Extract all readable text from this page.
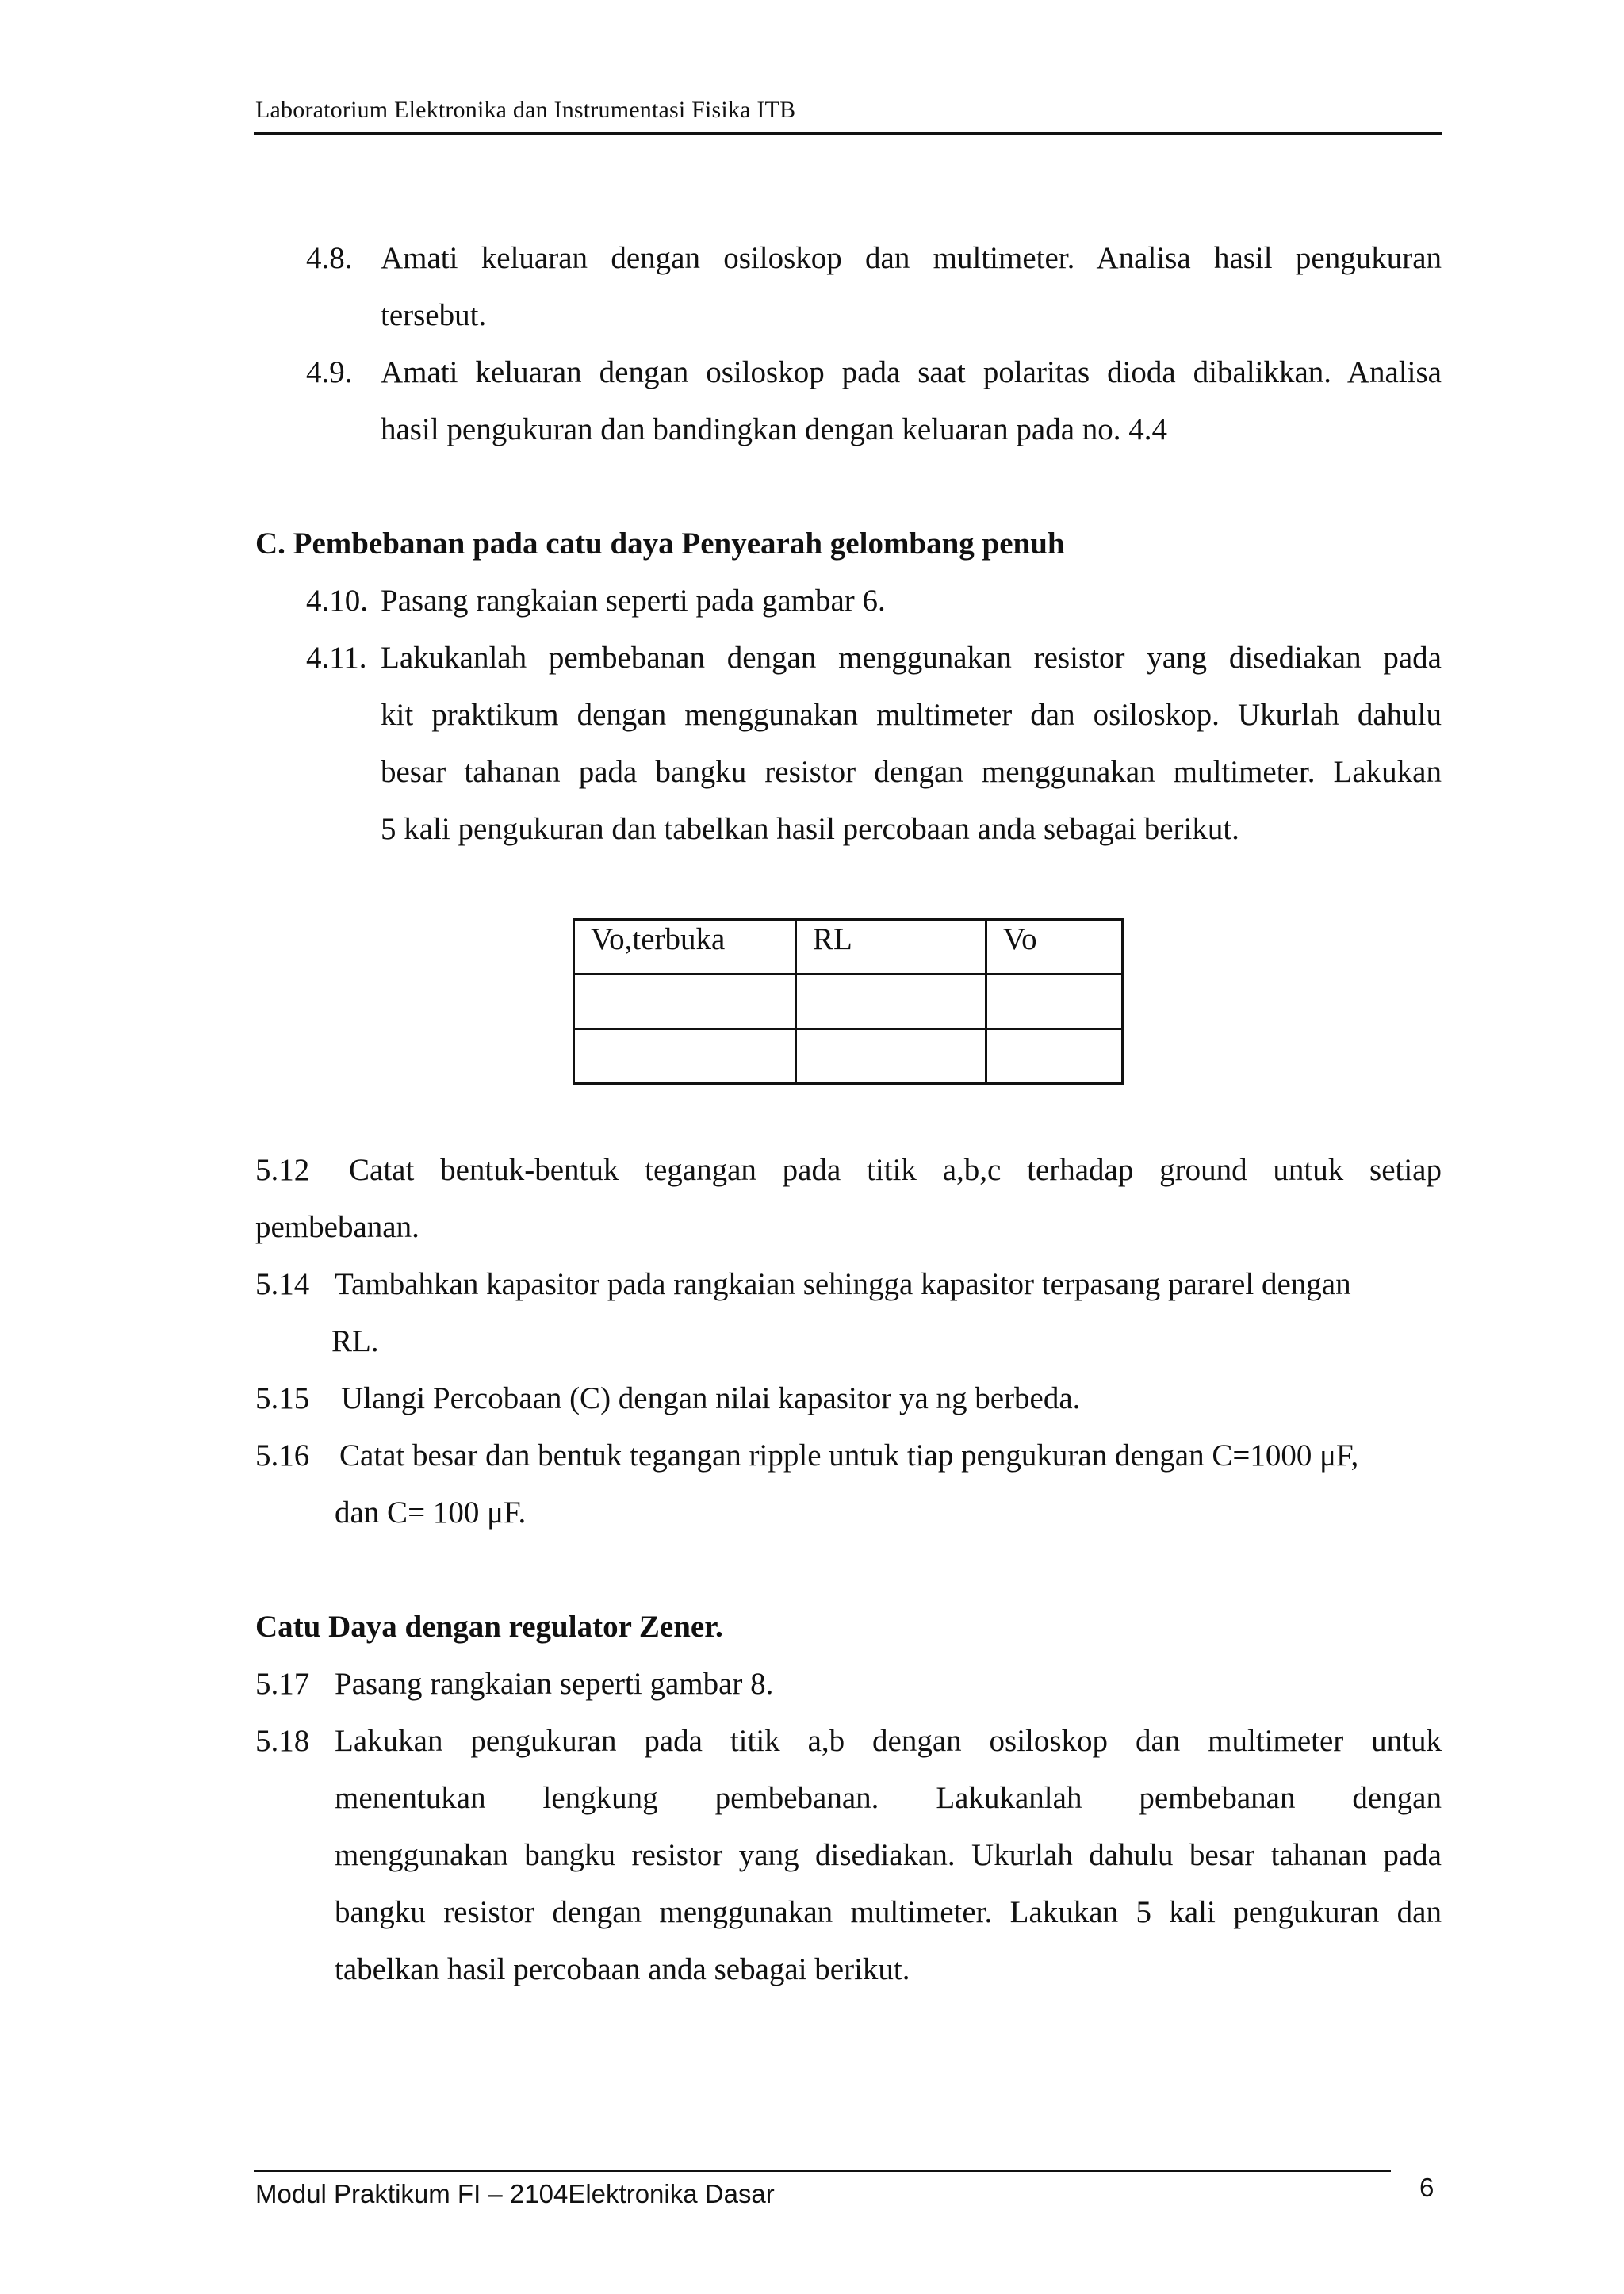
Laboratorium Elektronika dan Instrumentasi Fisika ITB
4.8. Amati keluaran dengan osiloskop dan multimeter. Analisa hasil pengukuran
tersebut.
4.9. Amati keluaran dengan osiloskop pada saat polaritas dioda dibalikkan. Analisa
hasil pengukuran dan bandingkan dengan keluaran pada no. 4.4
C. Pembebanan pada catu daya Penyearah gelombang penuh
4.10. Pasang rangkaian seperti pada gambar 6.
4.11. Lakukanlah pembebanan dengan menggunakan resistor yang disediakan pada
kit praktikum dengan menggunakan multimeter dan osiloskop. Ukurlah dahulu
besar tahanan pada bangku resistor dengan menggunakan multimeter. Lakukan
5 kali pengukuran dan tabelkan hasil percobaan anda sebagai berikut.
Vo,terbuka	RL	Vo

5.12 Catat bentuk-bentuk tegangan pada titik a,b,c terhadap ground untuk setiap
pembebanan.
5.14 Tambahkan kapasitor pada rangkaian sehingga kapasitor terpasang pararel dengan
RL.
5.15 Ulangi Percobaan (C) dengan nilai kapasitor ya ng berbeda.
5.16 Catat besar dan bentuk tegangan ripple untuk tiap pengukuran dengan C=1000 μF,
dan C= 100 μF.
Catu Daya dengan regulator Zener.
5.17 Pasang rangkaian seperti gambar 8.
5.18 Lakukan pengukuran pada titik a,b dengan osiloskop dan multimeter untuk
menentukan lengkung pembebanan. Lakukanlah pembebanan dengan
menggunakan bangku resistor yang disediakan. Ukurlah dahulu besar tahanan pada
bangku resistor dengan menggunakan multimeter. Lakukan 5 kali pengukuran dan
tabelkan hasil percobaan anda sebagai berikut.
Modul Praktikum FI – 2104Elektronika Dasar	6
